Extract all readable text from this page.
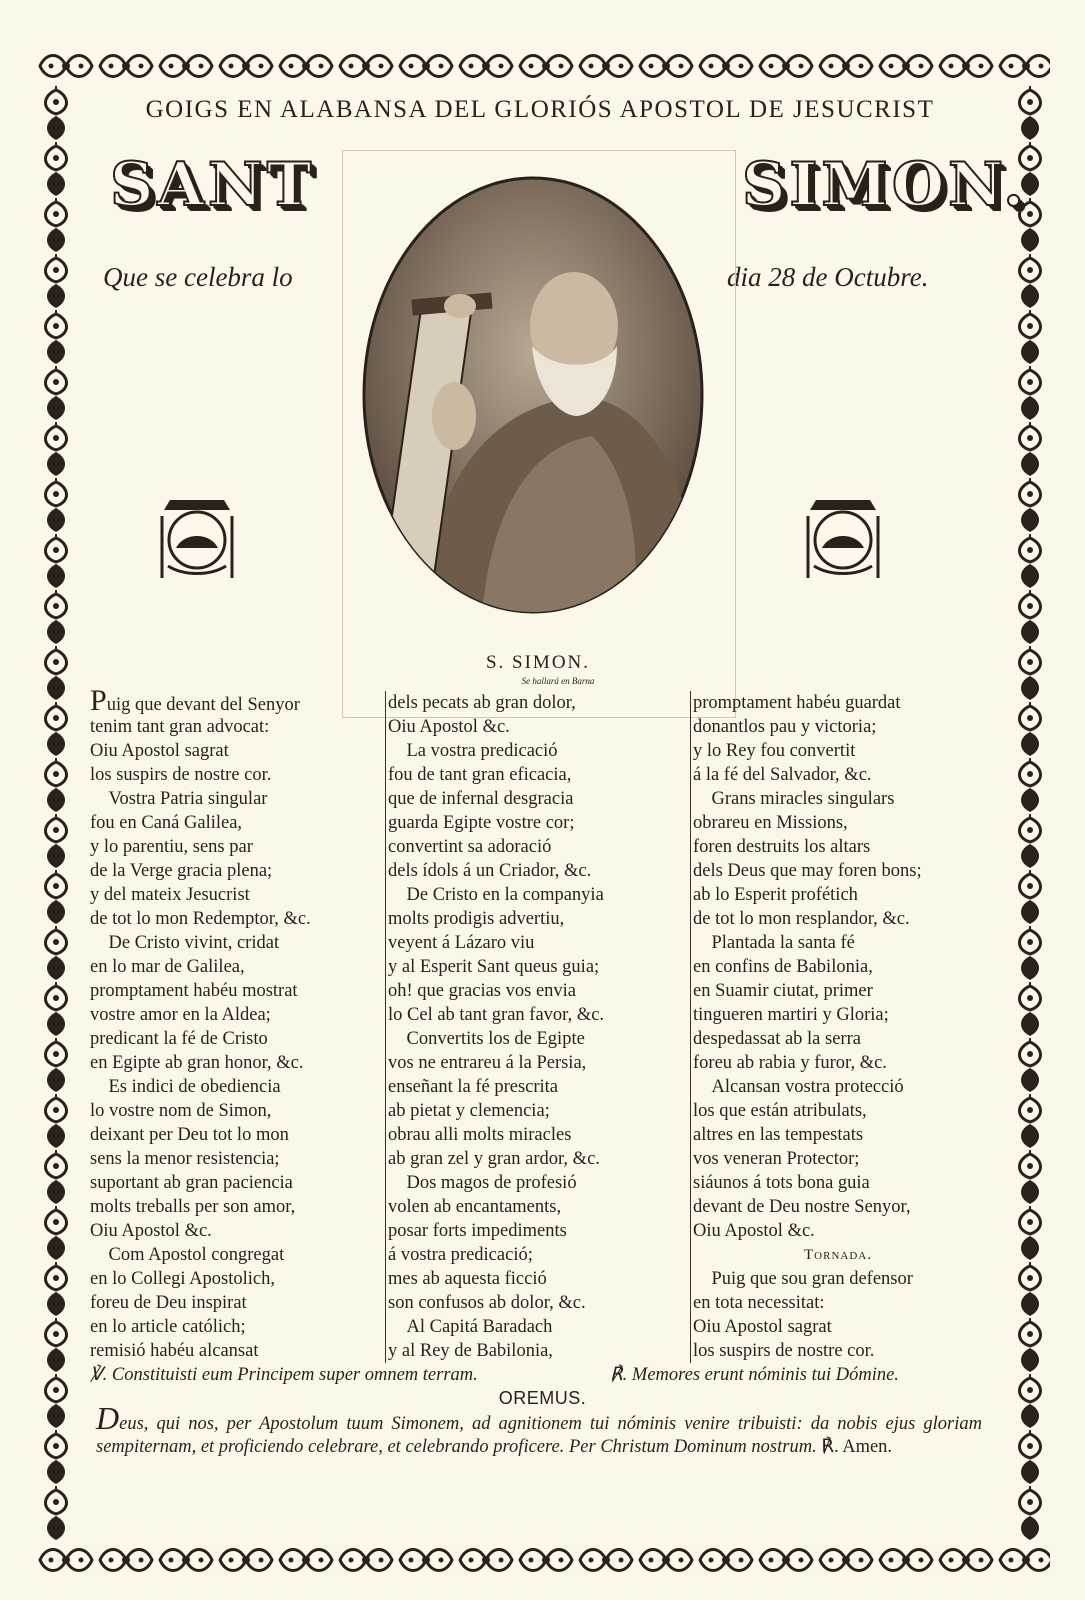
GOIGS EN ALABANSA DEL GLORIÓS APOSTOL DE JESUCRIST
SANT	SIMON.
Que se celebra lo	dia 28 de Octubre.
S. SIMON.
Se hallará en Barna
Puig que devant del Senyor
tenim tant gran advocat:
Oiu Apostol sagrat
los suspirs de nostre cor.
 Vostra Patria singular
fou en Caná Galilea,
y lo parentiu, sens par
de la Verge gracia plena;
y del mateix Jesucrist
de tot lo mon Redemptor, &c.
 De Cristo vivint, cridat
en lo mar de Galilea,
promptament habéu mostrat
vostre amor en la Aldea;
predicant la fé de Cristo
en Egipte ab gran honor, &c.
 Es indici de obediencia
lo vostre nom de Simon,
deixant per Deu tot lo mon
sens la menor resistencia;
suportant ab gran paciencia
molts treballs per son amor,
Oiu Apostol &c.
 Com Apostol congregat
en lo Collegi Apostolich,
foreu de Deu inspirat
en lo article católich;
remisió habéu alcansat
dels pecats ab gran dolor,
Oiu Apostol &c.
 La vostra predicació
fou de tant gran eficacia,
que de infernal desgracia
guarda Egipte vostre cor;
convertint sa adoració
dels ídols á un Criador, &c.
 De Cristo en la companyia
molts prodigis advertiu,
veyent á Lázaro viu
y al Esperit Sant queus guia;
oh! que gracias vos envia
lo Cel ab tant gran favor, &c.
 Convertits los de Egipte
vos ne entrareu á la Persia,
enseñant la fé prescrita
ab pietat y clemencia;
obrau alli molts miracles
ab gran zel y gran ardor, &c.
 Dos magos de profesió
volen ab encantaments,
posar forts impediments
á vostra predicació;
mes ab aquesta ficció
son confusos ab dolor, &c.
 Al Capitá Baradach
y al Rey de Babilonia,
promptament habéu guardat
donantlos pau y victoria;
y lo Rey fou convertit
á la fé del Salvador, &c.
 Grans miracles singulars
obrareu en Missions,
foren destruits los altars
dels Deus que may foren bons;
ab lo Esperit profétich
de tot lo mon resplandor, &c.
 Plantada la santa fé
en confins de Babilonia,
en Suamir ciutat, primer
tingueren martiri y Gloria;
despedassat ab la serra
foreu ab rabia y furor, &c.
 Alcansan vostra protecció
los que están atribulats,
altres en las tempestats
vos veneran Protector;
siáunos á tots bona guia
devant de Deu nostre Senyor,
Oiu Apostol &c.
Tornada.
 Puig que sou gran defensor
en tota necessitat:
Oiu Apostol sagrat
los suspirs de nostre cor.
℣. Constituisti eum Principem super omnem terram.	℟. Memores erunt nóminis tui Dómine.
OREMUS.
Deus, qui nos, per Apostolum tuum Simonem, ad agnitionem tui nóminis venire tribuisti: da nobis ejus gloriam sempiternam, et proficiendo celebrare, et celebrando proficere. Per Christum Dominum nostrum. ℟. Amen.
